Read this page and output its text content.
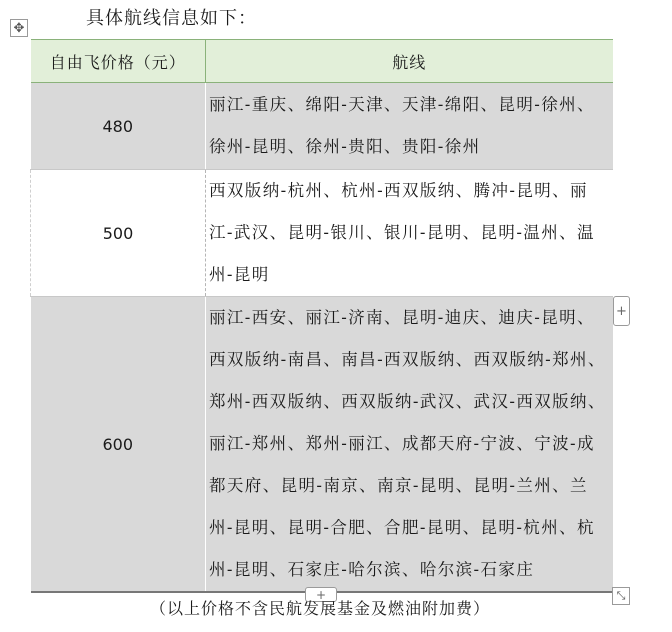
具体航线信息如下：
✥
自由飞价格（元）	航线
480	丽江-重庆、绵阳-天津、天津-绵阳、昆明-徐州、徐州-昆明、徐州-贵阳、贵阳-徐州
500	西双版纳-杭州、杭州-西双版纳、腾冲-昆明、丽江-武汉、昆明-银川、银川-昆明、昆明-温州、温州-昆明
600	丽江-西安、丽江-济南、昆明-迪庆、迪庆-昆明、西双版纳-南昌、南昌-西双版纳、西双版纳-郑州、郑州-西双版纳、西双版纳-武汉、武汉-西双版纳、丽江-郑州、郑州-丽江、成都天府-宁波、宁波-成都天府、昆明-南京、南京-昆明、昆明-兰州、兰州-昆明、昆明-合肥、合肥-昆明、昆明-杭州、杭州-昆明、石家庄-哈尔滨、哈尔滨-石家庄
+
+	⤡
（以上价格不含民航发展基金及燃油附加费）
